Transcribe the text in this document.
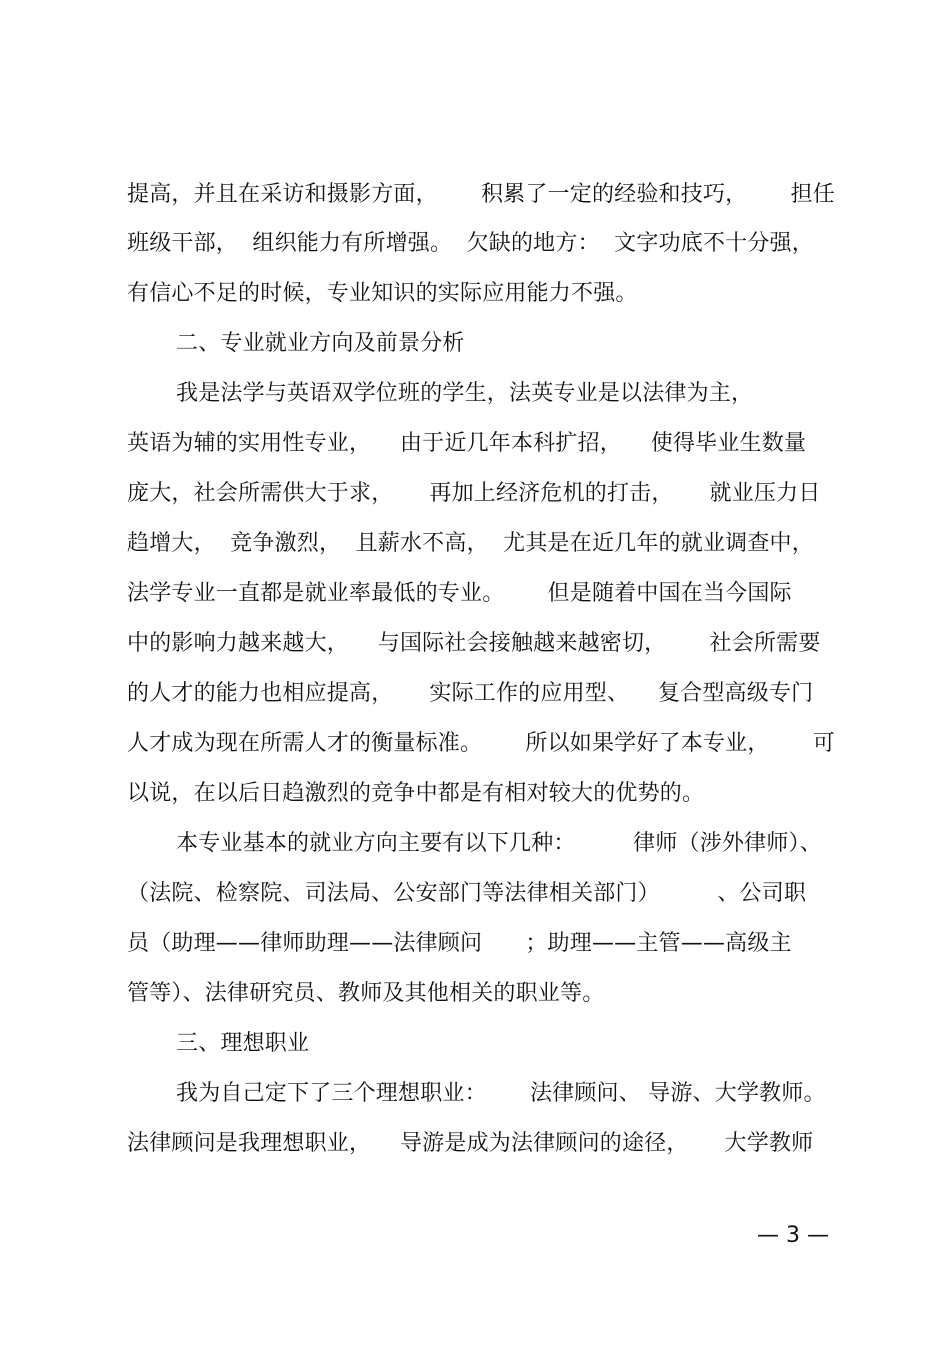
提高，并且在采访和摄影方面，      积累了一定的经验和技巧，      担任
班级干部，  组织能力有所增强。  欠缺的地方：  文字功底不十分强，
有信心不足的时候，专业知识的实际应用能力不强。
二、专业就业方向及前景分析
我是法学与英语双学位班的学生，法英专业是以法律为主，
英语为辅的实用性专业，    由于近几年本科扩招，    使得毕业生数量
庞大，社会所需供大于求，     再加上经济危机的打击，     就业压力日
趋增大，  竞争激烈，  且薪水不高，  尤其是在近几年的就业调查中，
法学专业一直都是就业率最低的专业。      但是随着中国在当今国际
中的影响力越来越大，    与国际社会接触越来越密切，      社会所需要
的人才的能力也相应提高，     实际工作的应用型、    复合型高级专门
人才成为现在所需人才的衡量标准。      所以如果学好了本专业，      可
以说，在以后日趋激烈的竞争中都是有相对较大的优势的。
本专业基本的就业方向主要有以下几种：        律师（涉外律师）、
（法院、检察院、司法局、公安部门等法律相关部门）        、公司职
员（助理——律师助理——法律顾问      ；助理——主管——高级主
管等）、法律研究员、教师及其他相关的职业等。
三、理想职业
我为自己定下了三个理想职业：      法律顾问、 导游、大学教师。
法律顾问是我理想职业，    导游是成为法律顾问的途径，     大学教师
— 3 —
